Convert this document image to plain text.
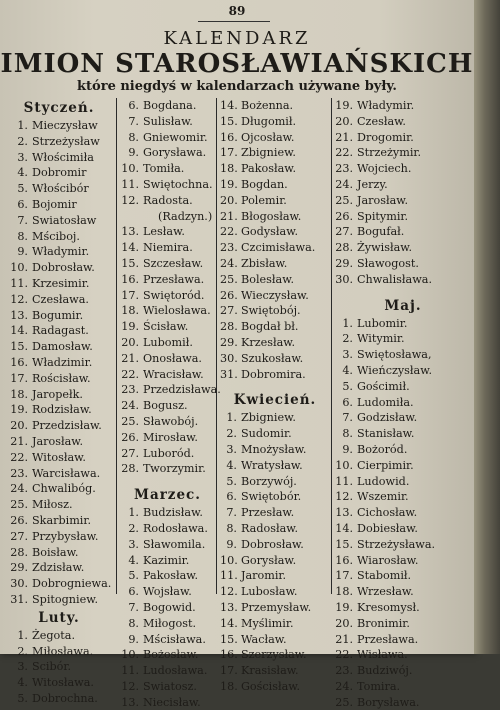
89
KALENDARZ
IMION STAROSŁAWIAŃSKICH
które niegdyś w kalendarzach używane były.
Styczeń.
1. Mieczysław
2. Strzeżysław
3. Włościmiła
4. Dobromir
5. Włościbór
6. Bojomir
7. Swiatosław
8. Mściboj.
9. Władymir.
10. Dobrosław.
11. Krzesimir.
12. Czesława.
13. Bogumir.
14. Radagast.
15. Damosław.
16. Władzimir.
17. Rościsław.
18. Jaropełk.
19. Rodzisław.
20. Przedzisław.
21. Jarosław.
22. Witosław.
23. Warcisława.
24. Chwalibóg.
25. Miłosz.
26. Skarbimir.
27. Przybysław.
28. Boisław.
29. Zdzisław.
30. Dobrogniewa.
31. Spitogniew.
Luty.
1. Żegota.
2. Miłosława.
3. Scibór.
4. Witosława.
5. Dobrochna.
6. Bogdana.
7. Sulisław.
8. Gniewomir.
9. Gorysława.
10. Tomiła.
11. Swiętochna.
12. Radosta.
(Radzyn.)
13. Lesław.
14. Niemira.
15. Szczesław.
16. Przesława.
17. Swiętoród.
18. Wielosława.
19. Ścisław.
20. Lubomił.
21. Onosława.
22. Wracisław.
23. Przedzisława.
24. Bogusz.
25. Sławobój.
26. Mirosław.
27. Luboród.
28. Tworzymir.
Marzec.
1. Budzisław.
2. Rodosława.
3. Sławomila.
4. Kazimir.
5. Pakosław.
6. Wojsław.
7. Bogowid.
8. Miłogost.
9. Mścisława.
10. Bożosław.
11. Ludosława.
12. Swiatosz.
13. Niecisław.
14. Bożenna.
15. Długomił.
16. Ojcosław.
17. Zbigniew.
18. Pakosław.
19. Bogdan.
20. Polemir.
21. Błogosław.
22. Godysław.
23. Czcimisława.
24. Zbisław.
25. Bolesław.
26. Wieczysław.
27. Swiętobój.
28. Bogdał bł.
29. Krzesław.
30. Szukosław.
31. Dobromira.
Kwiecień.
1. Zbigniew.
2. Sudomir.
3. Mnożysław.
4. Wratysław.
5. Borzywój.
6. Swiętobór.
7. Przesław.
8. Radosław.
9. Dobrosław.
10. Gorysław.
11. Jaromir.
12. Lubosław.
13. Przemysław.
14. Myślimir.
15. Wacław.
16. Szerzysław.
17. Krasisław.
18. Gościsław.
19. Władymir.
20. Czesław.
21. Drogomir.
22. Strzeżymir.
23. Wojciech.
24. Jerzy.
25. Jarosław.
26. Spitymir.
27. Bogufał.
28. Żywisław.
29. Sławogost.
30. Chwalisława.
Maj.
1. Lubomir.
2. Witymir.
3. Swiętosława,
4. Wieńczysław.
5. Gościmił.
6. Ludomiła.
7. Godzisław.
8. Stanisław.
9. Bożoród.
10. Cierpimir.
11. Ludowid.
12. Wszemir.
13. Cichosław.
14. Dobiesław.
15. Strzeżysława.
16. Wiarosław.
17. Stabomił.
18. Wrzesław.
19. Kresomysł.
20. Bronimir.
21. Przesława.
22. Wisława.
23. Budziwój.
24. Tomira.
25. Borysława.
